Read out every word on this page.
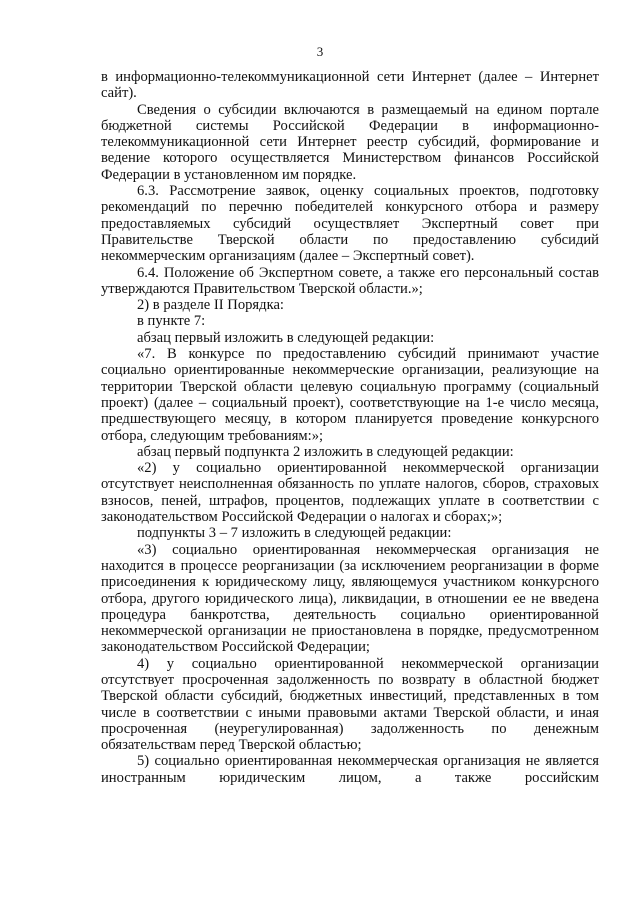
3

в информационно-телекоммуникационной сети Интернет (далее – Интернет сайт).

Сведения о субсидии включаются в размещаемый на едином портале бюджетной системы Российской Федерации в информационно-телекоммуникационной сети Интернет реестр субсидий, формирование и ведение которого осуществляется Министерством финансов Российской Федерации в установленном им порядке.

6.3. Рассмотрение заявок, оценку социальных проектов, подготовку рекомендаций по перечню победителей конкурсного отбора и размеру предоставляемых субсидий осуществляет Экспертный совет при Правительстве Тверской области по предоставлению субсидий некоммерческим организациям (далее – Экспертный совет).

6.4. Положение об Экспертном совете, а также его персональный состав утверждаются Правительством Тверской области.»;

2) в разделе II Порядка:

в пункте 7:

абзац первый изложить в следующей редакции:

«7. В конкурсе по предоставлению субсидий принимают участие социально ориентированные некоммерческие организации, реализующие на территории Тверской области целевую социальную программу (социальный проект) (далее – социальный проект), соответствующие на 1-е число месяца, предшествующего месяцу, в котором планируется проведение конкурсного отбора, следующим требованиям:»;

абзац первый подпункта 2 изложить в следующей редакции:

«2) у социально ориентированной некоммерческой организации отсутствует неисполненная обязанность по уплате налогов, сборов, страховых взносов, пеней, штрафов, процентов, подлежащих уплате в соответствии с законодательством Российской Федерации о налогах и сборах;»;

подпункты 3 – 7 изложить в следующей редакции:

«3) социально ориентированная некоммерческая организация не находится в процессе реорганизации (за исключением реорганизации в форме присоединения к юридическому лицу, являющемуся участником конкурсного отбора, другого юридического лица), ликвидации, в отношении ее не введена процедура банкротства, деятельность социально ориентированной некоммерческой организации не приостановлена в порядке, предусмотренном законодательством Российской Федерации;

4) у социально ориентированной некоммерческой организации отсутствует просроченная задолженность по возврату в областной бюджет Тверской области субсидий, бюджетных инвестиций, представленных в том числе в соответствии с иными правовыми актами Тверской области, и иная просроченная (неурегулированная) задолженность по денежным обязательствам перед Тверской областью;

5) социально ориентированная некоммерческая организация не является иностранным юридическим лицом, а также российским
